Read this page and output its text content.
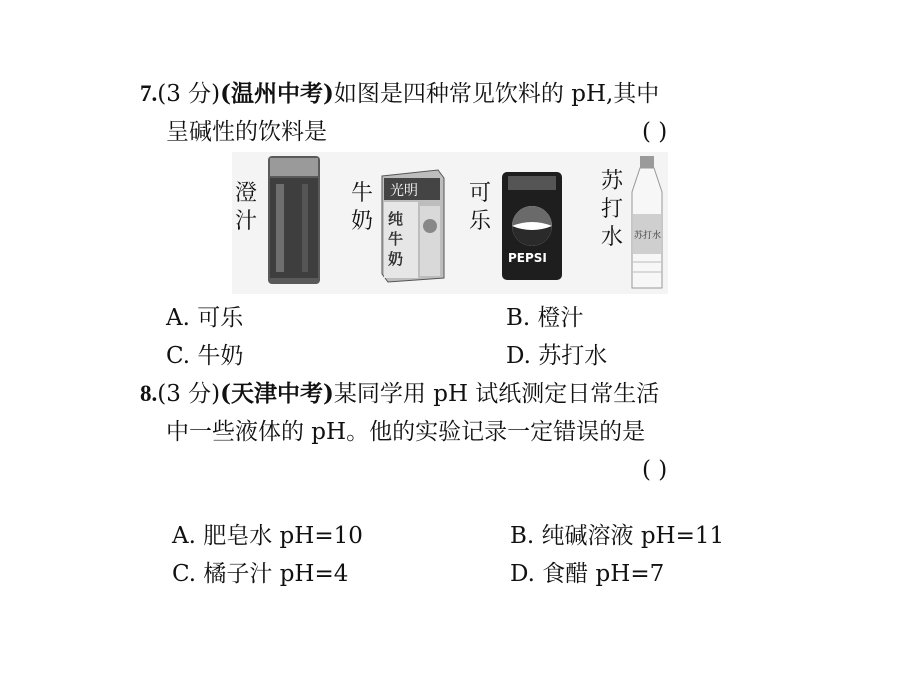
7.(3 分)(温州中考)如图是四种常见饮料的 pH,其中
呈碱性的饮料是	( )
澄
汁
牛
奶
光明
纯
牛
奶
可
乐
PEPSI
苏
打
水 苏打水
A. 可乐	B. 橙汁
C. 牛奶	D. 苏打水
8.(3 分)(天津中考)某同学用 pH 试纸测定日常生活
中一些液体的 pH。他的实验记录一定错误的是
( )
A. 肥皂水 pH=10	B. 纯碱溶液 pH=11
C. 橘子汁 pH=4	D. 食醋 pH=7
